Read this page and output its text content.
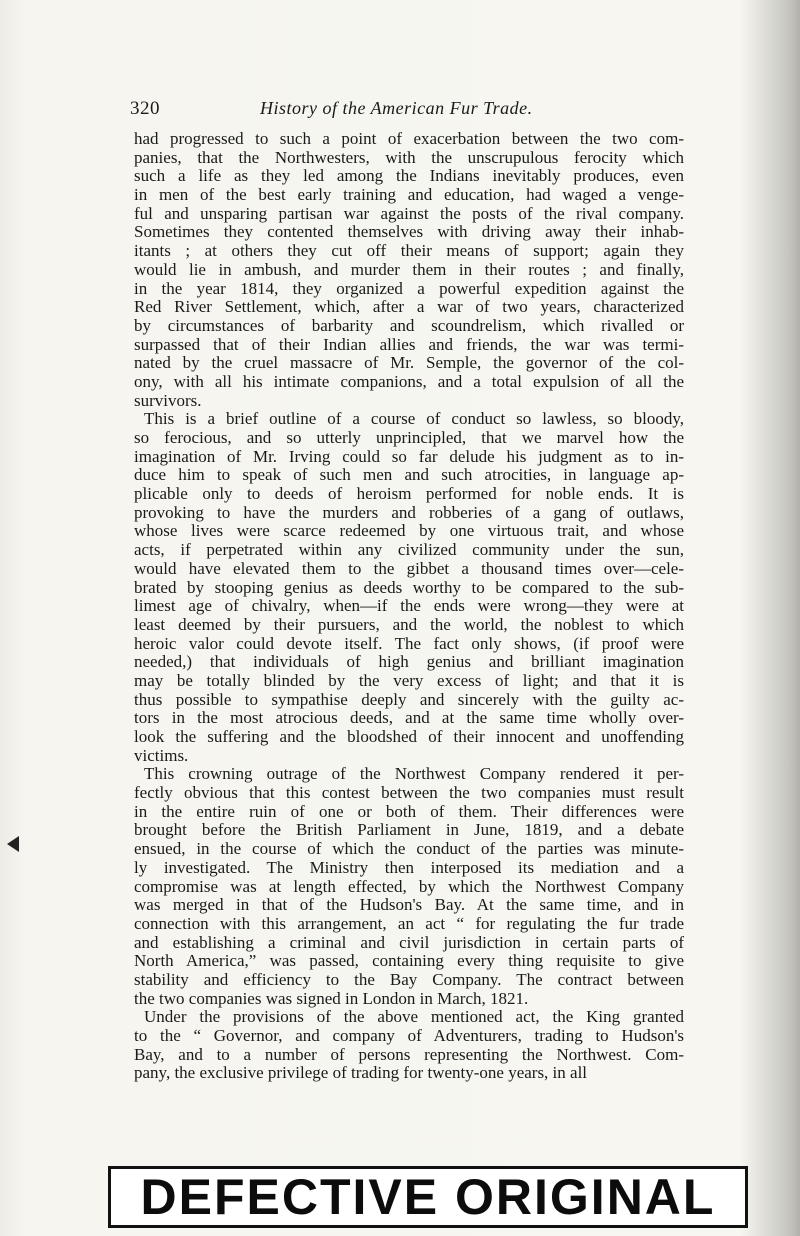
320	History of the American Fur Trade.
had progressed to such a point of exacerbation between the two com-
panies, that the Northwesters, with the unscrupulous ferocity which
such a life as they led among the Indians inevitably produces, even
in men of the best early training and education, had waged a venge-
ful and unsparing partisan war against the posts of the rival company.
Sometimes they contented themselves with driving away their inhab-
itants ; at others they cut off their means of support; again they
would lie in ambush, and murder them in their routes ; and finally,
in the year 1814, they organized a powerful expedition against the
Red River Settlement, which, after a war of two years, characterized
by circumstances of barbarity and scoundrelism, which rivalled or
surpassed that of their Indian allies and friends, the war was termi-
nated by the cruel massacre of Mr. Semple, the governor of the col-
ony, with all his intimate companions, and a total expulsion of all the
survivors.
This is a brief outline of a course of conduct so lawless, so bloody,
so ferocious, and so utterly unprincipled, that we marvel how the
imagination of Mr. Irving could so far delude his judgment as to in-
duce him to speak of such men and such atrocities, in language ap-
plicable only to deeds of heroism performed for noble ends. It is
provoking to have the murders and robberies of a gang of outlaws,
whose lives were scarce redeemed by one virtuous trait, and whose
acts, if perpetrated within any civilized community under the sun,
would have elevated them to the gibbet a thousand times over—cele-
brated by stooping genius as deeds worthy to be compared to the sub-
limest age of chivalry, when—if the ends were wrong—they were at
least deemed by their pursuers, and the world, the noblest to which
heroic valor could devote itself. The fact only shows, (if proof were
needed,) that individuals of high genius and brilliant imagination
may be totally blinded by the very excess of light; and that it is
thus possible to sympathise deeply and sincerely with the guilty ac-
tors in the most atrocious deeds, and at the same time wholly over-
look the suffering and the bloodshed of their innocent and unoffending
victims.
This crowning outrage of the Northwest Company rendered it per-
fectly obvious that this contest between the two companies must result
in the entire ruin of one or both of them. Their differences were
brought before the British Parliament in June, 1819, and a debate
ensued, in the course of which the conduct of the parties was minute-
ly investigated. The Ministry then interposed its mediation and a
compromise was at length effected, by which the Northwest Company
was merged in that of the Hudson's Bay. At the same time, and in
connection with this arrangement, an act “ for regulating the fur trade
and establishing a criminal and civil jurisdiction in certain parts of
North America,” was passed, containing every thing requisite to give
stability and efficiency to the Bay Company. The contract between
the two companies was signed in London in March, 1821.
Under the provisions of the above mentioned act, the King granted
to the “ Governor, and company of Adventurers, trading to Hudson's
Bay, and to a number of persons representing the Northwest. Com-
pany, the exclusive privilege of trading for twenty-one years, in all
DEFECTIVE ORIGINAL
